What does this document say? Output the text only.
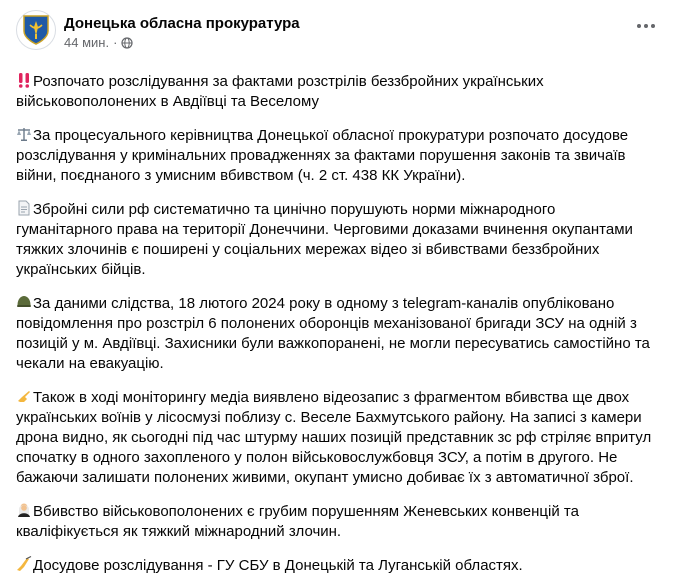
Донецька обласна прокуратура
44 мин. ·

Розпочато розслідування за фактами розстрілів беззбройних українських військовополонених в Авдіївці та Веселому

За процесуального керівництва Донецької обласної прокуратури розпочато досудове розслідування у кримінальних провадженнях за фактами порушення законів та звичаїв війни, поєднаного з умисним вбивством (ч. 2 ст. 438 КК України).

Збройні сили рф систематично та цинічно порушують норми міжнародного гуманітарного права на території Донеччини. Черговими доказами вчинення окупантами тяжких злочинів є поширені у соціальних мережах відео зі вбивствами беззбройних українських бійців.

За даними слідства, 18 лютого 2024 року в одному з telegram-каналів опубліковано повідомлення про розстріл 6 полонених оборонців механізованої бригади ЗСУ на одній з позицій у м. Авдіївці. Захисники були важкопоранені, не могли пересуватись самостійно та чекали на евакуацію.

Також в ході моніторингу медіа виявлено відеозапис з фрагментом вбивства ще двох українських воїнів у лісосмузі поблизу с. Веселе Бахмутського району. На записі з камери дрона видно, як сьогодні під час штурму наших позицій представник зс рф стріляє впритул спочатку в одного захопленого у полон військовослужбовця ЗСУ, а потім в другого. Не бажаючи залишати полонених живими, окупант умисно добиває їх з автоматичної зброї.

Вбивство військовополонених є грубим порушенням Женевських конвенцій та кваліфікується як тяжкий міжнародний злочин.

Досудове розслідування - ГУ СБУ в Донецькій та Луганській областях.
